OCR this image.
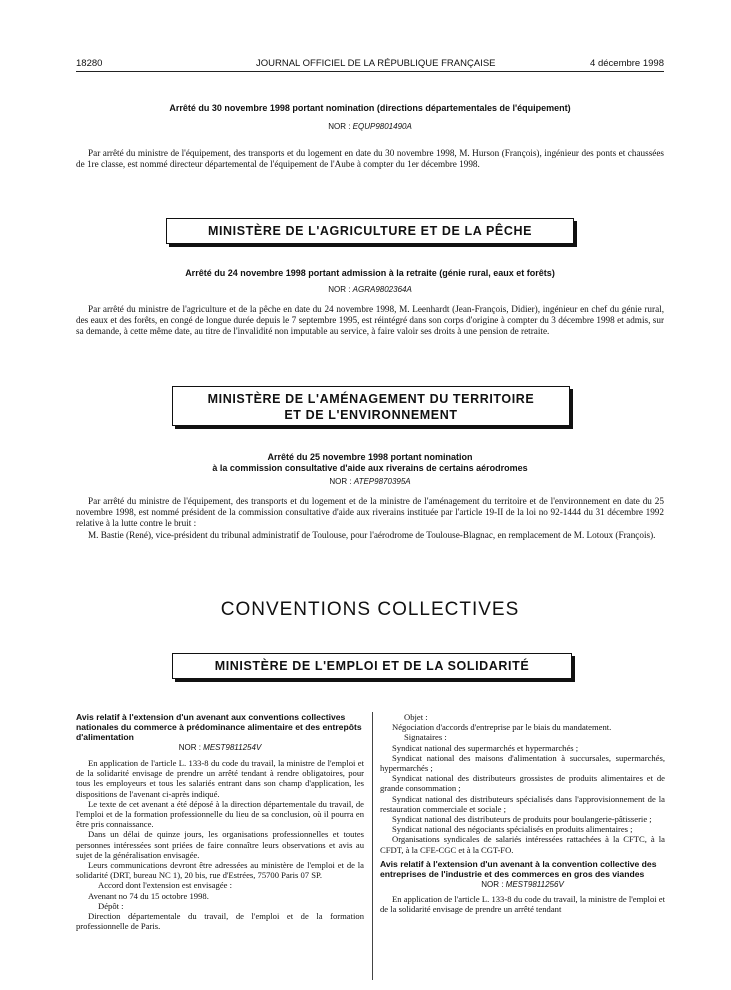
18280	JOURNAL OFFICIEL DE LA RÉPUBLIQUE FRANÇAISE	4 décembre 1998
Arrêté du 30 novembre 1998 portant nomination (directions départementales de l'équipement)
NOR : EQUP9801490A

Par arrêté du ministre de l'équipement, des transports et du logement en date du 30 novembre 1998, M. Hurson (François), ingénieur des ponts et chaussées de 1re classe, est nommé directeur départemental de l'équipement de l'Aube à compter du 1er décembre 1998.

MINISTÈRE DE L'AGRICULTURE ET DE LA PÊCHE
Arrêté du 24 novembre 1998 portant admission à la retraite (génie rural, eaux et forêts)
NOR : AGRA9802364A

Par arrêté du ministre de l'agriculture et de la pêche en date du 24 novembre 1998, M. Leenhardt (Jean-François, Didier), ingénieur en chef du génie rural, des eaux et des forêts, en congé de longue durée depuis le 7 septembre 1995, est réintégré dans son corps d'origine à compter du 3 décembre 1998 et admis, sur sa demande, à cette même date, au titre de l'invalidité non imputable au service, à faire valoir ses droits à une pension de retraite.

MINISTÈRE DE L'AMÉNAGEMENT DU TERRITOIRE
ET DE L'ENVIRONNEMENT
Arrêté du 25 novembre 1998 portant nomination
à la commission consultative d'aide aux riverains de certains aérodromes
NOR : ATEP9870395A

Par arrêté du ministre de l'équipement, des transports et du logement et de la ministre de l'aménagement du territoire et de l'environnement en date du 25 novembre 1998, est nommé président de la commission consultative d'aide aux riverains instituée par l'article 19-II de la loi no 92-1444 du 31 décembre 1992 relative à la lutte contre le bruit :

M. Bastie (René), vice-président du tribunal administratif de Toulouse, pour l'aérodrome de Toulouse-Blagnac, en remplacement de M. Lotoux (François).

CONVENTIONS COLLECTIVES
MINISTÈRE DE L'EMPLOI ET DE LA SOLIDARITÉ
Avis relatif à l'extension d'un avenant aux conventions collectives nationales du commerce à prédominance alimentaire et des entrepôts d'alimentation
NOR : MEST9811254V

En application de l'article L. 133-8 du code du travail, la ministre de l'emploi et de la solidarité envisage de prendre un arrêté tendant à rendre obligatoires, pour tous les employeurs et tous les salariés entrant dans son champ d'application, les dispositions de l'avenant ci-après indiqué.

Le texte de cet avenant a été déposé à la direction départementale du travail, de l'emploi et de la formation professionnelle du lieu de sa conclusion, où il pourra en être pris connaissance.

Dans un délai de quinze jours, les organisations professionnelles et toutes personnes intéressées sont priées de faire connaître leurs observations et avis au sujet de la généralisation envisagée.

Leurs communications devront être adressées au ministère de l'emploi et de la solidarité (DRT, bureau NC 1), 20 bis, rue d'Estrées, 75700 Paris 07 SP.

Accord dont l'extension est envisagée :

Avenant no 74 du 15 octobre 1998.

Dépôt :

Direction départementale du travail, de l'emploi et de la formation professionnelle de Paris.

Objet :

Négociation d'accords d'entreprise par le biais du mandatement.

Signataires :

Syndicat national des supermarchés et hypermarchés ;

Syndicat national des maisons d'alimentation à succursales, supermarchés, hypermarchés ;

Syndicat national des distributeurs grossistes de produits alimentaires et de grande consommation ;

Syndicat national des distributeurs spécialisés dans l'approvisionnement de la restauration commerciale et sociale ;

Syndicat national des distributeurs de produits pour boulangerie-pâtisserie ;

Syndicat national des négociants spécialisés en produits alimentaires ;

Organisations syndicales de salariés intéressées rattachées à la CFTC, à la CFDT, à la CFE-CGC et à la CGT-FO.

Avis relatif à l'extension d'un avenant à la convention collective des entreprises de l'industrie et des commerces en gros des viandes
NOR : MEST9811256V

En application de l'article L. 133-8 du code du travail, la ministre de l'emploi et de la solidarité envisage de prendre un arrêté tendant
